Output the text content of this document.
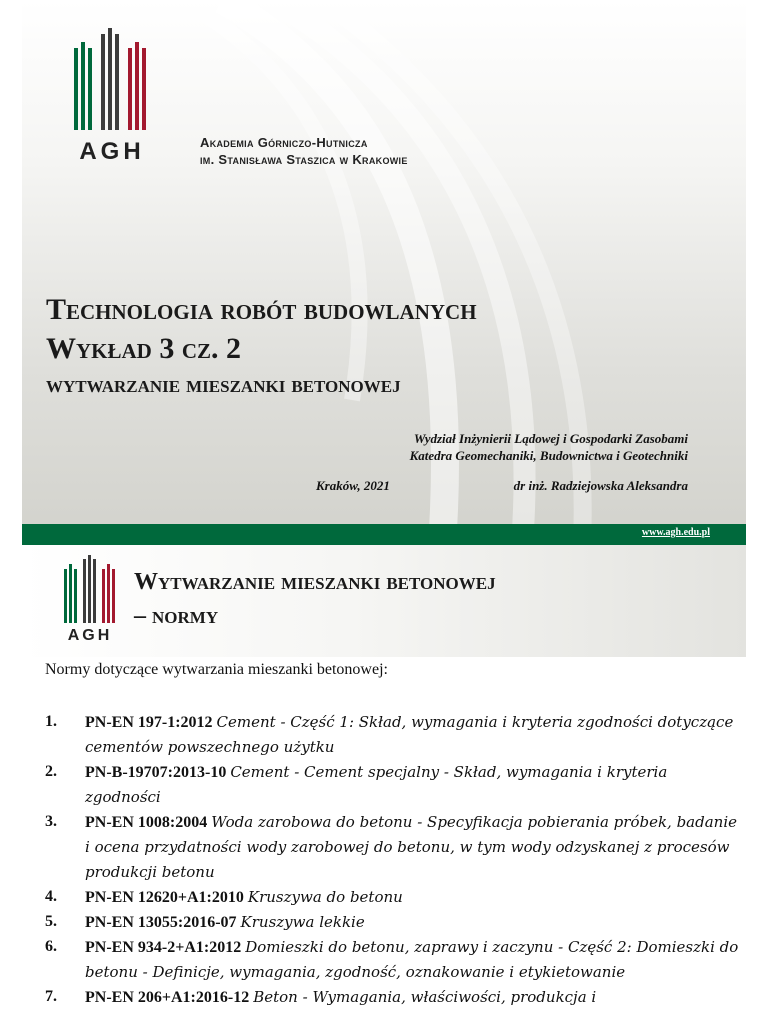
AGH	Akademia Górniczo-Hutnicza
im. Stanisława Staszica w Krakowie
Technologia robót budowlanych
Wykład 3 cz. 2
wytwarzanie mieszanki betonowej
Wydział Inżynierii Lądowej i Gospodarki Zasobami
Katedra Geomechaniki, Budownictwa i Geotechniki
Kraków, 2021	dr inż. Radziejowska Aleksandra
www.agh.edu.pl
AGH
Wytwarzanie mieszanki betonowej
– normy
Normy dotyczące wytwarzania mieszanki betonowej:
1. PN-EN 197-1:2012 Cement - Część 1: Skład, wymagania i kryteria zgodności dotyczące cementów powszechnego użytku
2. PN-B-19707:2013-10 Cement - Cement specjalny - Skład, wymagania i kryteria zgodności
3. PN-EN 1008:2004 Woda zarobowa do betonu - Specyfikacja pobierania próbek, badanie i ocena przydatności wody zarobowej do betonu, w tym wody odzyskanej z procesów produkcji betonu
4. PN-EN 12620+A1:2010 Kruszywa do betonu
5. PN-EN 13055:2016-07 Kruszywa lekkie
6. PN-EN 934-2+A1:2012 Domieszki do betonu, zaprawy i zaczynu - Część 2: Domieszki do betonu - Definicje, wymagania, zgodność, oznakowanie i etykietowanie
7. PN-EN 206+A1:2016-12 Beton - Wymagania, właściwości, produkcja i
